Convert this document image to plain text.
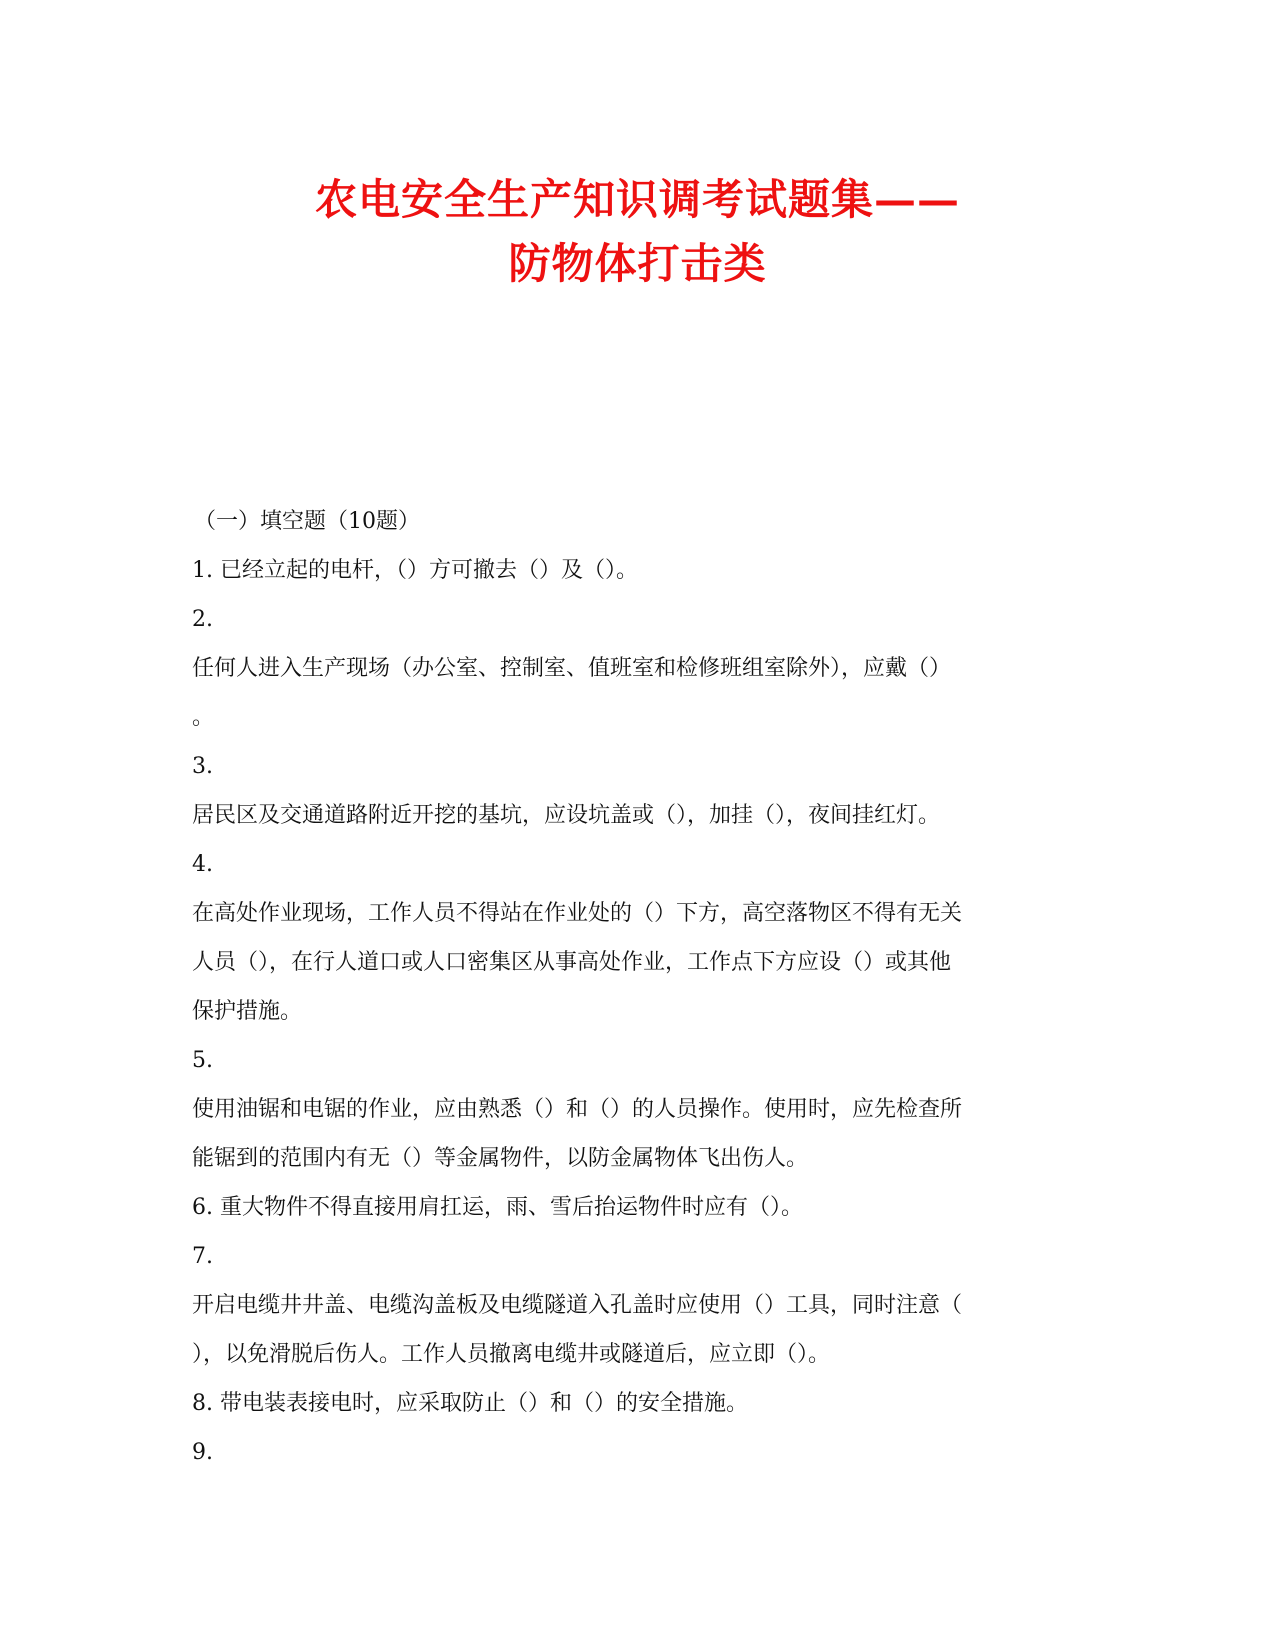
农电安全生产知识调考试题集——
防物体打击类
（一）填空题（10题）
1. 已经立起的电杆，（）方可撤去（）及（）。
2.
任何人进入生产现场（办公室、控制室、值班室和检修班组室除外），应戴（）
。
3.
居民区及交通道路附近开挖的基坑，应设坑盖或（），加挂（），夜间挂红灯。
4.
在高处作业现场，工作人员不得站在作业处的（）下方，高空落物区不得有无关
人员（），在行人道口或人口密集区从事高处作业，工作点下方应设（）或其他
保护措施。
5.
使用油锯和电锯的作业，应由熟悉（）和（）的人员操作。使用时，应先检查所
能锯到的范围内有无（）等金属物件，以防金属物体飞出伤人。
6. 重大物件不得直接用肩扛运，雨、雪后抬运物件时应有（）。
7.
开启电缆井井盖、电缆沟盖板及电缆隧道入孔盖时应使用（）工具，同时注意（
），以免滑脱后伤人。工作人员撤离电缆井或隧道后，应立即（）。
8. 带电装表接电时，应采取防止（）和（）的安全措施。
9.
